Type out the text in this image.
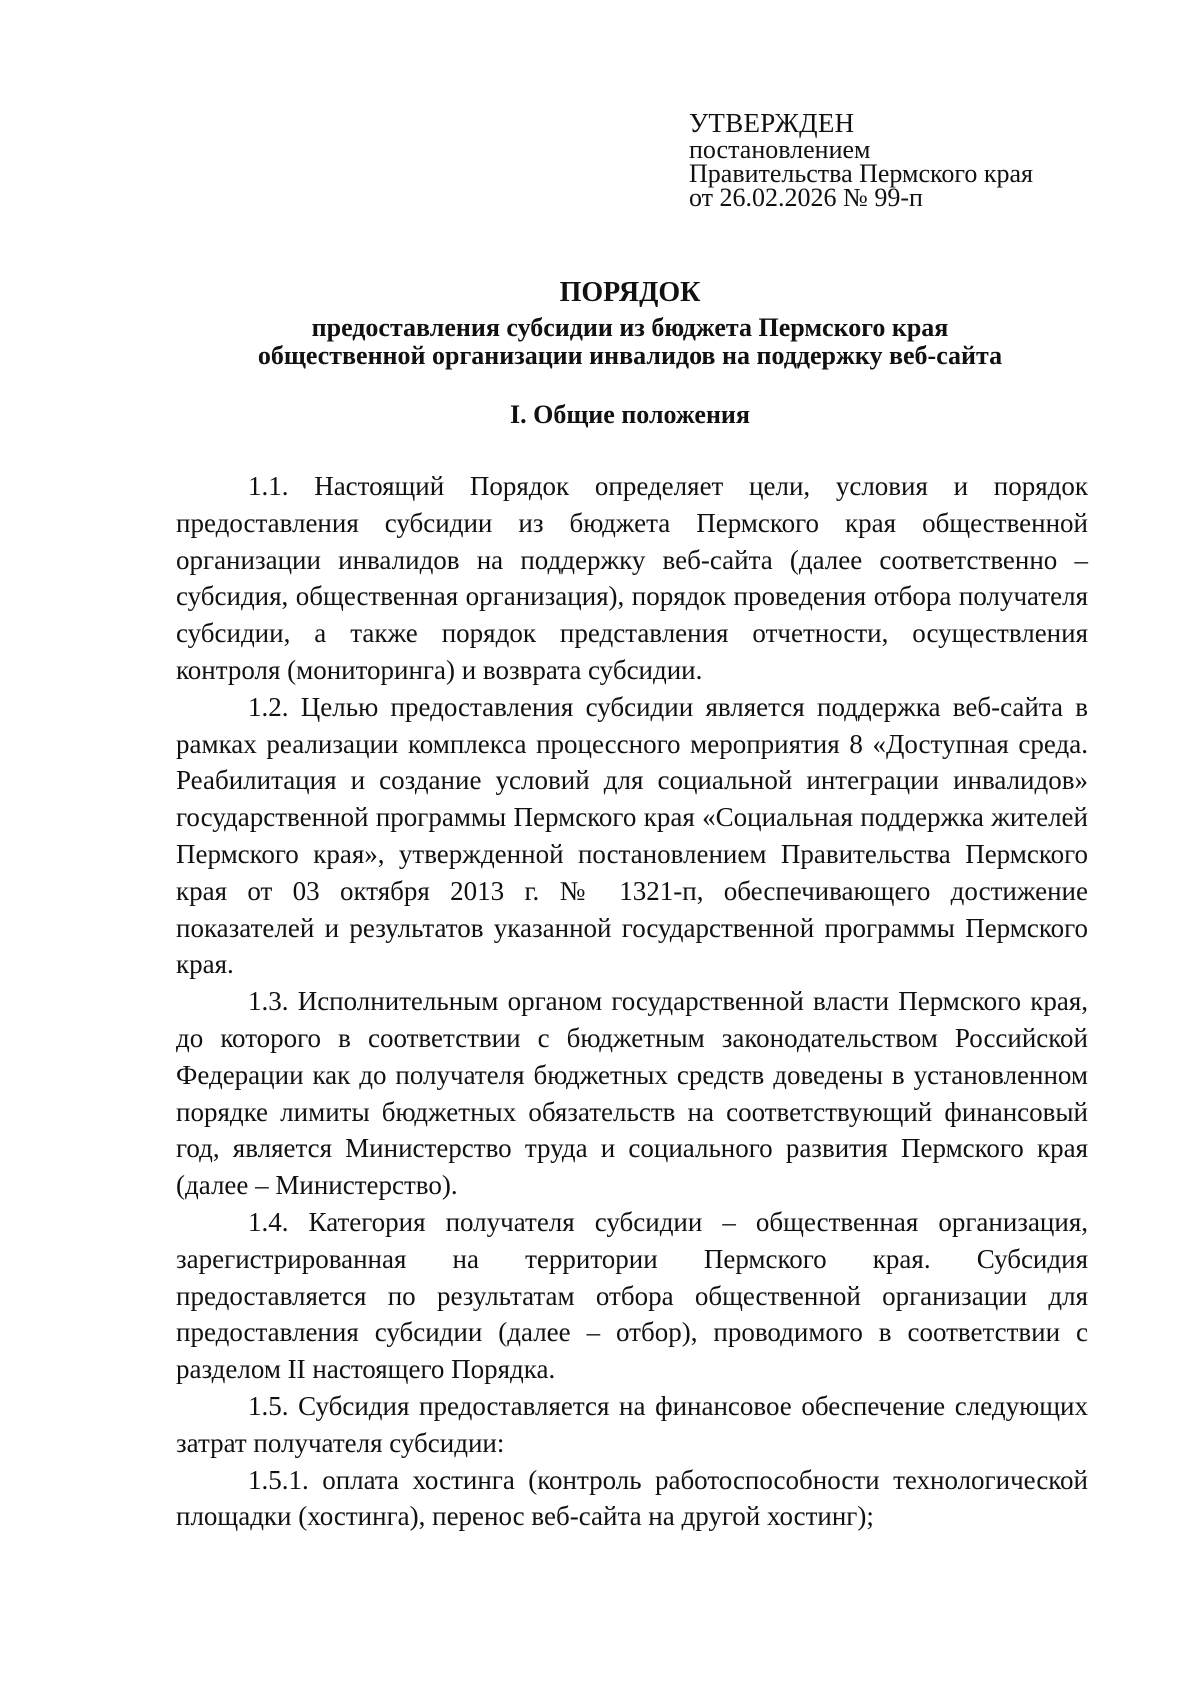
УТВЕРЖДЕН
постановлением
Правительства Пермского края
от 26.02.2026 № 99-п
ПОРЯДОК
предоставления субсидии из бюджета Пермского края
общественной организации инвалидов на поддержку веб-сайта
I. Общие положения

1.1. Настоящий Порядок определяет цели, условия и порядок предоставления субсидии из бюджета Пермского края общественной организации инвалидов на поддержку веб-сайта (далее соответственно – субсидия, общественная организация), порядок проведения отбора получателя субсидии, а также порядок представления отчетности, осуществления контроля (мониторинга) и возврата субсидии.

1.2. Целью предоставления субсидии является поддержка веб-сайта в рамках реализации комплекса процессного мероприятия 8 «Доступная среда. Реабилитация и создание условий для социальной интеграции инвалидов» государственной программы Пермского края «Социальная поддержка жителей Пермского края», утвержденной постановлением Правительства Пермского края от 03 октября 2013 г. № 1321-п, обеспечивающего достижение показателей и результатов указанной государственной программы Пермского края.

1.3. Исполнительным органом государственной власти Пермского края, до которого в соответствии с бюджетным законодательством Российской Федерации как до получателя бюджетных средств доведены в установленном порядке лимиты бюджетных обязательств на соответствующий финансовый год, является Министерство труда и социального развития Пермского края (далее – Министерство).

1.4. Категория получателя субсидии – общественная организация, зарегистрированная на территории Пермского края. Субсидия предоставляется по результатам отбора общественной организации для предоставления субсидии (далее – отбор), проводимого в соответствии с разделом II настоящего Порядка.

1.5. Субсидия предоставляется на финансовое обеспечение следующих затрат получателя субсидии:

1.5.1. оплата хостинга (контроль работоспособности технологической площадки (хостинга), перенос веб-сайта на другой хостинг);
